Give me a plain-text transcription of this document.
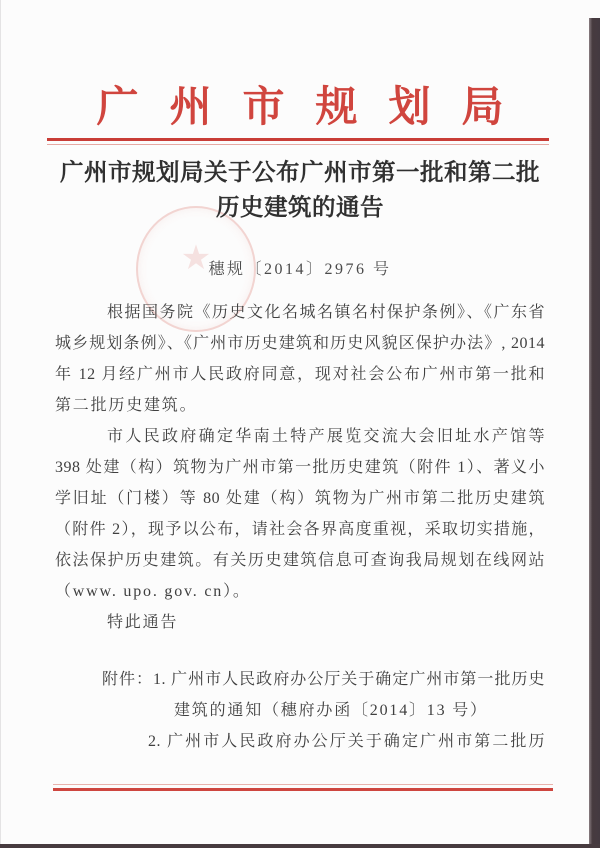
广州市规划局
★
广州市规划局关于公布广州市第一批和第二批
历史建筑的通告
穗规〔2014〕2976 号
根据国务院《历史文化名城名镇名村保护条例》、《广东省
城乡规划条例》、《广州市历史建筑和历史风貌区保护办法》, 2014
年 12 月经广州市人民政府同意，现对社会公布广州市第一批和
第二批历史建筑。
市人民政府确定华南土特产展览交流大会旧址水产馆等
398 处建（构）筑物为广州市第一批历史建筑（附件 1）、著义小
学旧址（门楼）等 80 处建（构）筑物为广州市第二批历史建筑
（附件 2），现予以公布，请社会各界高度重视，采取切实措施，
依法保护历史建筑。有关历史建筑信息可查询我局规划在线网站
（www. upo. gov. cn）。
特此通告
附件：1. 广州市人民政府办公厅关于确定广州市第一批历史
建筑的通知（穗府办函〔2014〕13 号）
2. 广州市人民政府办公厅关于确定广州市第二批历
